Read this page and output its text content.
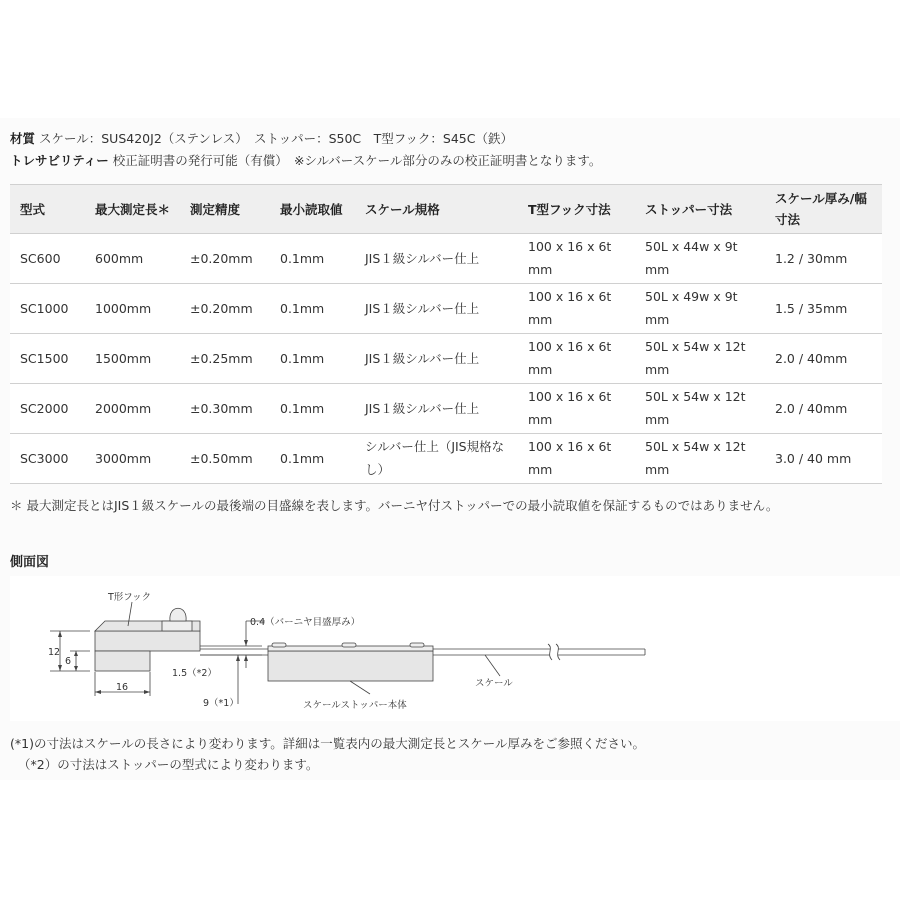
材質 スケール：SUS420J2（ステンレス）　ストッパー：S50C　T型フック：S45C（鉄）
トレサビリティー 校正証明書の発行可能（有償）　※シルバースケール部分のみの校正証明書となります。
型式	最大測定長＊	測定精度	最小読取値	スケール規格	T型フック寸法	ストッパー寸法	スケール厚み/幅寸法
SC600	600mm	±0.20mm	0.1mm	JIS１級シルバー仕上	100 x 16 x 6t mm	50L x 44w x 9t mm	1.2 / 30mm
SC1000	1000mm	±0.20mm	0.1mm	JIS１級シルバー仕上	100 x 16 x 6t mm	50L x 49w x 9t mm	1.5 / 35mm
SC1500	1500mm	±0.25mm	0.1mm	JIS１級シルバー仕上	100 x 16 x 6t mm	50L x 54w x 12t mm	2.0 / 40mm
SC2000	2000mm	±0.30mm	0.1mm	JIS１級シルバー仕上	100 x 16 x 6t mm	50L x 54w x 12t mm	2.0 / 40mm
SC3000	3000mm	±0.50mm	0.1mm	シルバー仕上（JIS規格なし）	100 x 16 x 6t mm	50L x 54w x 12t mm	3.0 / 40 mm
＊ 最大測定長とはJIS１級スケールの最後端の目盛線を表します。バーニヤ付ストッパーでの最小読取値を保証するものではありません。
側面図
T形フック
0.4（バーニヤ目盛厚み）
12
6
16
1.5（*2）
9（*1）
スケール
スケールストッパー本体
(*1)の寸法はスケールの長さにより変わります。詳細は一覧表内の最大測定長とスケール厚みをご参照ください。
（*2）の寸法はストッパーの型式により変わります。
